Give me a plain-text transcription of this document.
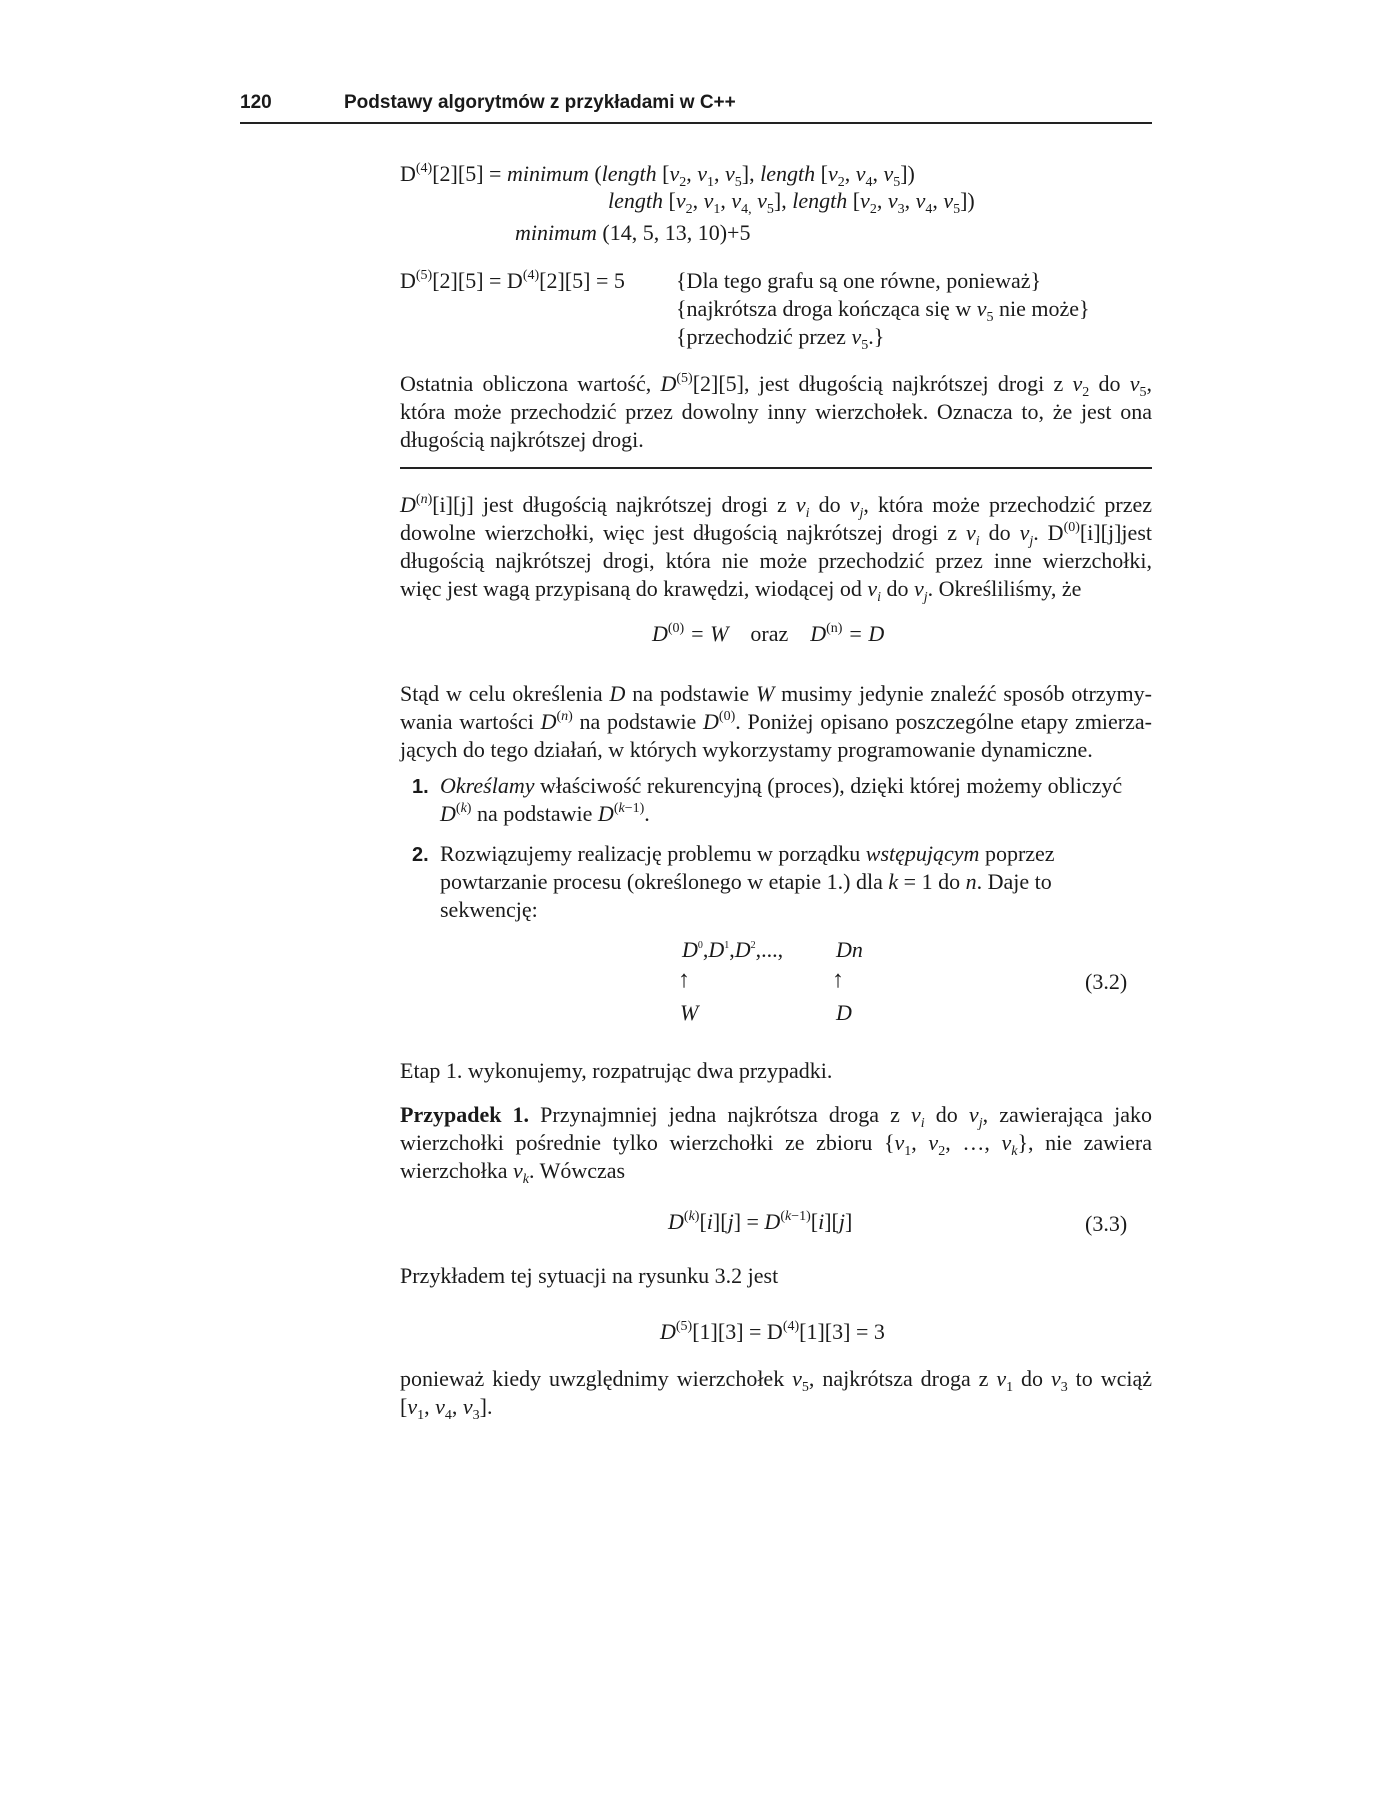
120	Podstawy algorytmów z przykładami w C++
$D^{(4)}[2][5]$ = minimum (length [$v_2$, $v_1$, $v_5$], length [$v_2$, $v_4$, $v_5$])
length [$v_2$, $v_1$, $v_{4,}$ $v_5$], length [$v_2$, $v_3$, $v_4$, $v_5$])
minimum (14, 5, 13, 10)+5
$D^{(5)}[2][5] = D^{(4)}[2][5] = 5$ {Dla tego grafu są one równe, ponieważ}
{najkrótsza droga kończąca się w $v_5$ nie może}
{przechodzić przez $v_5$.}
Ostatnia obliczona wartość, $D^{(5)}[2][5]$, jest długością najkrótszej drogi z $v_2$ do $v_5$,
która może przechodzić przez dowolny inny wierzchołek. Oznacza to, że jest ona
długością najkrótszej drogi.
$D^{(n)}[i][j]$ jest długością najkrótszej drogi z $v_i$ do $v_j$, która może przechodzić przez
dowolne wierzchołki, więc jest długością najkrótszej drogi z $v_i$ do $v_j$. $D^{(0)}[i][j]jest$
długością najkrótszej drogi, która nie może przechodzić przez inne wierzchołki,
więc jest wagą przypisaną do krawędzi, wiodącej od $v_i$ do $v_j$. Określiliśmy, że
$D^{(0)} = W$ oraz $D^{(n)} = D$
Stąd w celu określenia D na podstawie W musimy jedynie znaleźć sposób otrzymy-
wania wartości $D^{(n)}$ na podstawie $D^{(0)}$. Poniżej opisano poszczególne etapy zmierza-
jących do tego działań, w których wykorzystamy programowanie dynamiczne.
1. Określamy właściwość rekurencyjną (proces), dzięki której możemy obliczyć
$D^{(k)}$ na podstawie $D^{(k-1)}$.
2. Rozwiązujemy realizację problemu w porządku wstępującym poprzez
powtarzanie procesu (określonego w etapie 1.) dla k = 1 do n. Daje to
sekwencję:
$D^0,D^1,D^2$,..., Dn
↑	↑
W	D
(3.2)
Etap 1. wykonujemy, rozpatrując dwa przypadki.
Przypadek 1. Przynajmniej jedna najkrótsza droga z $v_i$ do $v_j$, zawierająca jako
wierzchołki pośrednie tylko wierzchołki ze zbioru {$v_1$, $v_2$, …, $v_k$}, nie zawiera
wierzchołka $v_k$. Wówczas
$D^{(k)}[i][j] = D^{(k-1)}[i][j]$	(3.3)
Przykładem tej sytuacji na rysunku 3.2 jest
$D^{(5)}[1][3] = D^{(4)}[1][3] = 3$
ponieważ kiedy uwzględnimy wierzchołek $v_5$, najkrótsza droga z $v_1$ do $v_3$ to wciąż
[$v_1$, $v_4$, $v_3$].
